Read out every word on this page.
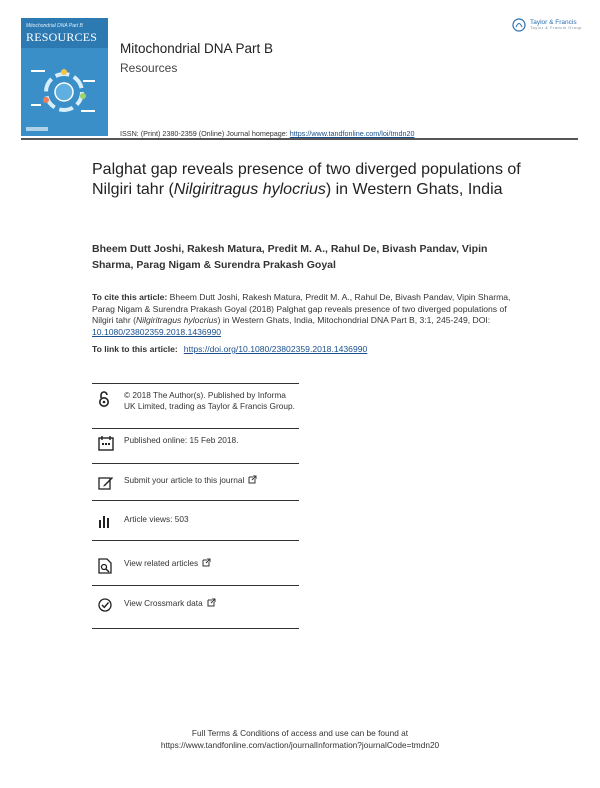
Mitochondrial DNA Part B
RESOURCES
Mitochondrial DNA Part B
Resources
Taylor & Francis
Taylor & Francis Group
ISSN: (Print) 2380-2359 (Online) Journal homepage: https://www.tandfonline.com/loi/tmdn20
Palghat gap reveals presence of two diverged populations of Nilgiri tahr (Nilgiritragus hylocrius) in Western Ghats, India
Bheem Dutt Joshi, Rakesh Matura, Predit M. A., Rahul De, Bivash Pandav, Vipin Sharma, Parag Nigam & Surendra Prakash Goyal
To cite this article: Bheem Dutt Joshi, Rakesh Matura, Predit M. A., Rahul De, Bivash Pandav, Vipin Sharma, Parag Nigam & Surendra Prakash Goyal (2018) Palghat gap reveals presence of two diverged populations of Nilgiri tahr (Nilgiritragus hylocrius) in Western Ghats, India, Mitochondrial DNA Part B, 3:1, 245-249, DOI: 10.1080/23802359.2018.1436990
To link to this article: https://doi.org/10.1080/23802359.2018.1436990
© 2018 The Author(s). Published by Informa UK Limited, trading as Taylor & Francis Group.
Published online: 15 Feb 2018.
Submit your article to this journal
Article views: 503
View related articles
View Crossmark data
Full Terms & Conditions of access and use can be found at
https://www.tandfonline.com/action/journalInformation?journalCode=tmdn20
